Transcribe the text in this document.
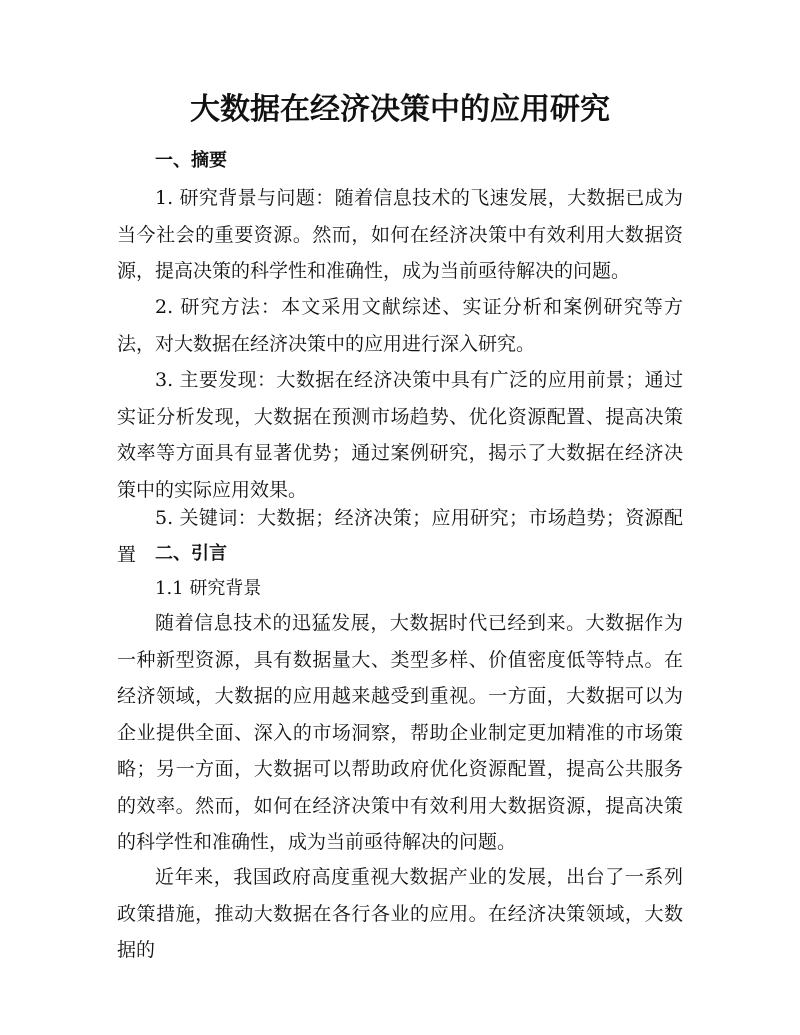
大数据在经济决策中的应用研究
一、摘要

1. 研究背景与问题：随着信息技术的飞速发展，大数据已成为当今社会的重要资源。然而，如何在经济决策中有效利用大数据资源，提高决策的科学性和准确性，成为当前亟待解决的问题。

2. 研究方法：本文采用文献综述、实证分析和案例研究等方法，对大数据在经济决策中的应用进行深入研究。

3. 主要发现：大数据在经济决策中具有广泛的应用前景；通过实证分析发现，大数据在预测市场趋势、优化资源配置、提高决策效率等方面具有显著优势；通过案例研究，揭示了大数据在经济决策中的实际应用效果。

5. 关键词：大数据；经济决策；应用研究；市场趋势；资源配置	二、引言

1.1 研究背景

随着信息技术的迅猛发展，大数据时代已经到来。大数据作为一种新型资源，具有数据量大、类型多样、价值密度低等特点。在经济领域，大数据的应用越来越受到重视。一方面，大数据可以为企业提供全面、深入的市场洞察，帮助企业制定更加精准的市场策略；另一方面，大数据可以帮助政府优化资源配置，提高公共服务的效率。然而，如何在经济决策中有效利用大数据资源，提高决策的科学性和准确性，成为当前亟待解决的问题。

近年来，我国政府高度重视大数据产业的发展，出台了一系列政策措施，推动大数据在各行各业的应用。在经济决策领域，大数据的
